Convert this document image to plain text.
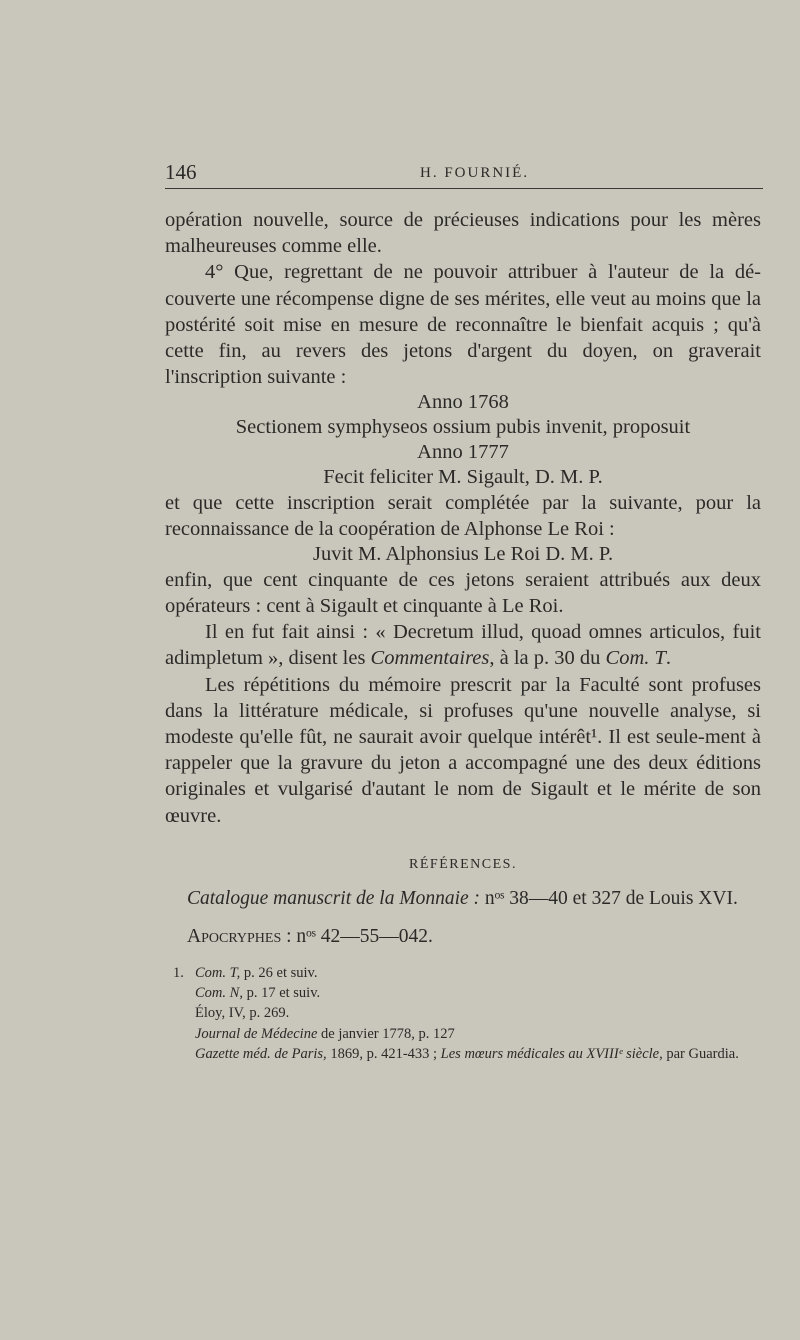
146	H. FOURNIÉ.

opération nouvelle, source de précieuses indications pour les mères malheureuses comme elle.

4° Que, regrettant de ne pouvoir attribuer à l'auteur de la dé-couverte une récompense digne de ses mérites, elle veut au moins que la postérité soit mise en mesure de reconnaître le bienfait acquis ; qu'à cette fin, au revers des jetons d'argent du doyen, on graverait l'inscription suivante :

Anno 1768
Sectionem symphyseos ossium pubis invenit, proposuit
Anno 1777
Fecit feliciter M. Sigault, D. M. P.

et que cette inscription serait complétée par la suivante, pour la reconnaissance de la coopération de Alphonse Le Roi :

Juvit M. Alphonsius Le Roi D. M. P.

enfin, que cent cinquante de ces jetons seraient attribués aux deux opérateurs : cent à Sigault et cinquante à Le Roi.

Il en fut fait ainsi : « Decretum illud, quoad omnes articulos, fuit adimpletum », disent les Commentaires, à la p. 30 du Com. T.

Les répétitions du mémoire prescrit par la Faculté sont profuses dans la littérature médicale, si profuses qu'une nouvelle analyse, si modeste qu'elle fût, ne saurait avoir quelque intérêt¹. Il est seule-ment à rappeler que la gravure du jeton a accompagné une des deux éditions originales et vulgarisé d'autant le nom de Sigault et le mérite de son œuvre.

RÉFÉRENCES.

Catalogue manuscrit de la Monnaie : nᵒˢ 38—40 et 327 de Louis XVI.

Apocryphes : nᵒˢ 42—55—042.

1. Com. T, p. 26 et suiv.
Com. N, p. 17 et suiv.
Éloy, IV, p. 269.
Journal de Médecine de janvier 1778, p. 127
Gazette méd. de Paris, 1869, p. 421-433 ; Les mœurs médicales au XVIIIᵉ siècle, par Guardia.
